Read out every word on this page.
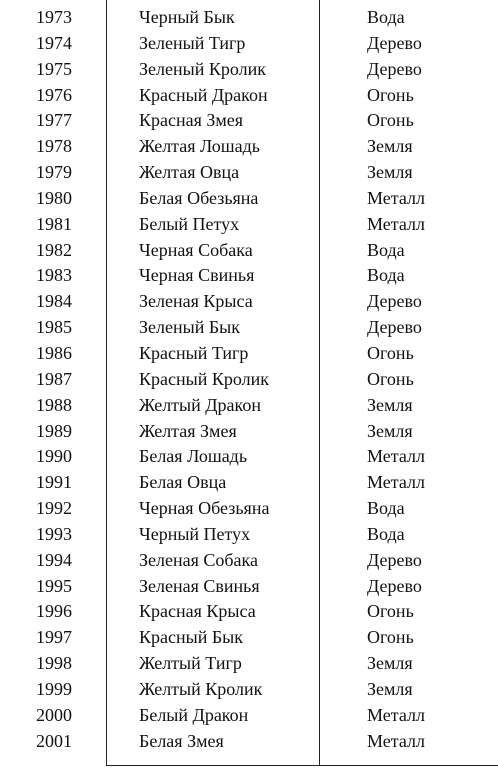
1973	Черный Бык	Вода
1974	Зеленый Тигр	Дерево
1975	Зеленый Кролик	Дерево
1976	Красный Дракон	Огонь
1977	Красная Змея	Огонь
1978	Желтая Лошадь	Земля
1979	Желтая Овца	Земля
1980	Белая Обезьяна	Металл
1981	Белый Петух	Металл
1982	Черная Собака	Вода
1983	Черная Свинья	Вода
1984	Зеленая Крыса	Дерево
1985	Зеленый Бык	Дерево
1986	Красный Тигр	Огонь
1987	Красный Кролик	Огонь
1988	Желтый Дракон	Земля
1989	Желтая Змея	Земля
1990	Белая Лошадь	Металл
1991	Белая Овца	Металл
1992	Черная Обезьяна	Вода
1993	Черный Петух	Вода
1994	Зеленая Собака	Дерево
1995	Зеленая Свинья	Дерево
1996	Красная Крыса	Огонь
1997	Красный Бык	Огонь
1998	Желтый Тигр	Земля
1999	Желтый Кролик	Земля
2000	Белый Дракон	Металл
2001	Белая Змея	Металл
